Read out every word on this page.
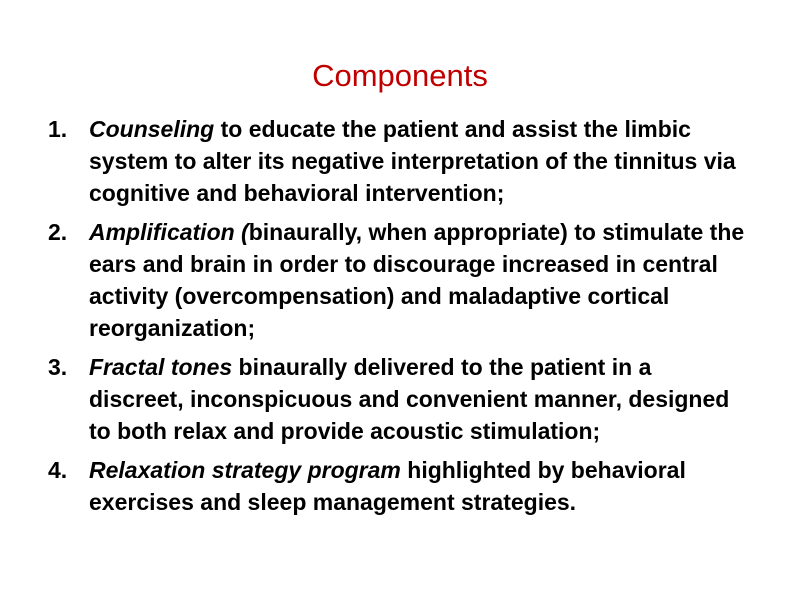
Components
1. Counseling to educate the patient and assist the limbic system to alter its negative interpretation of the tinnitus via cognitive and behavioral intervention;
2. Amplification (binaurally, when appropriate) to stimulate the ears and brain in order to discourage increased in central activity (overcompensation) and maladaptive cortical reorganization;
3. Fractal tones binaurally delivered to the patient in a discreet, inconspicuous and convenient manner, designed to both relax and provide acoustic stimulation;
4. Relaxation strategy program highlighted by behavioral exercises and sleep management strategies.
